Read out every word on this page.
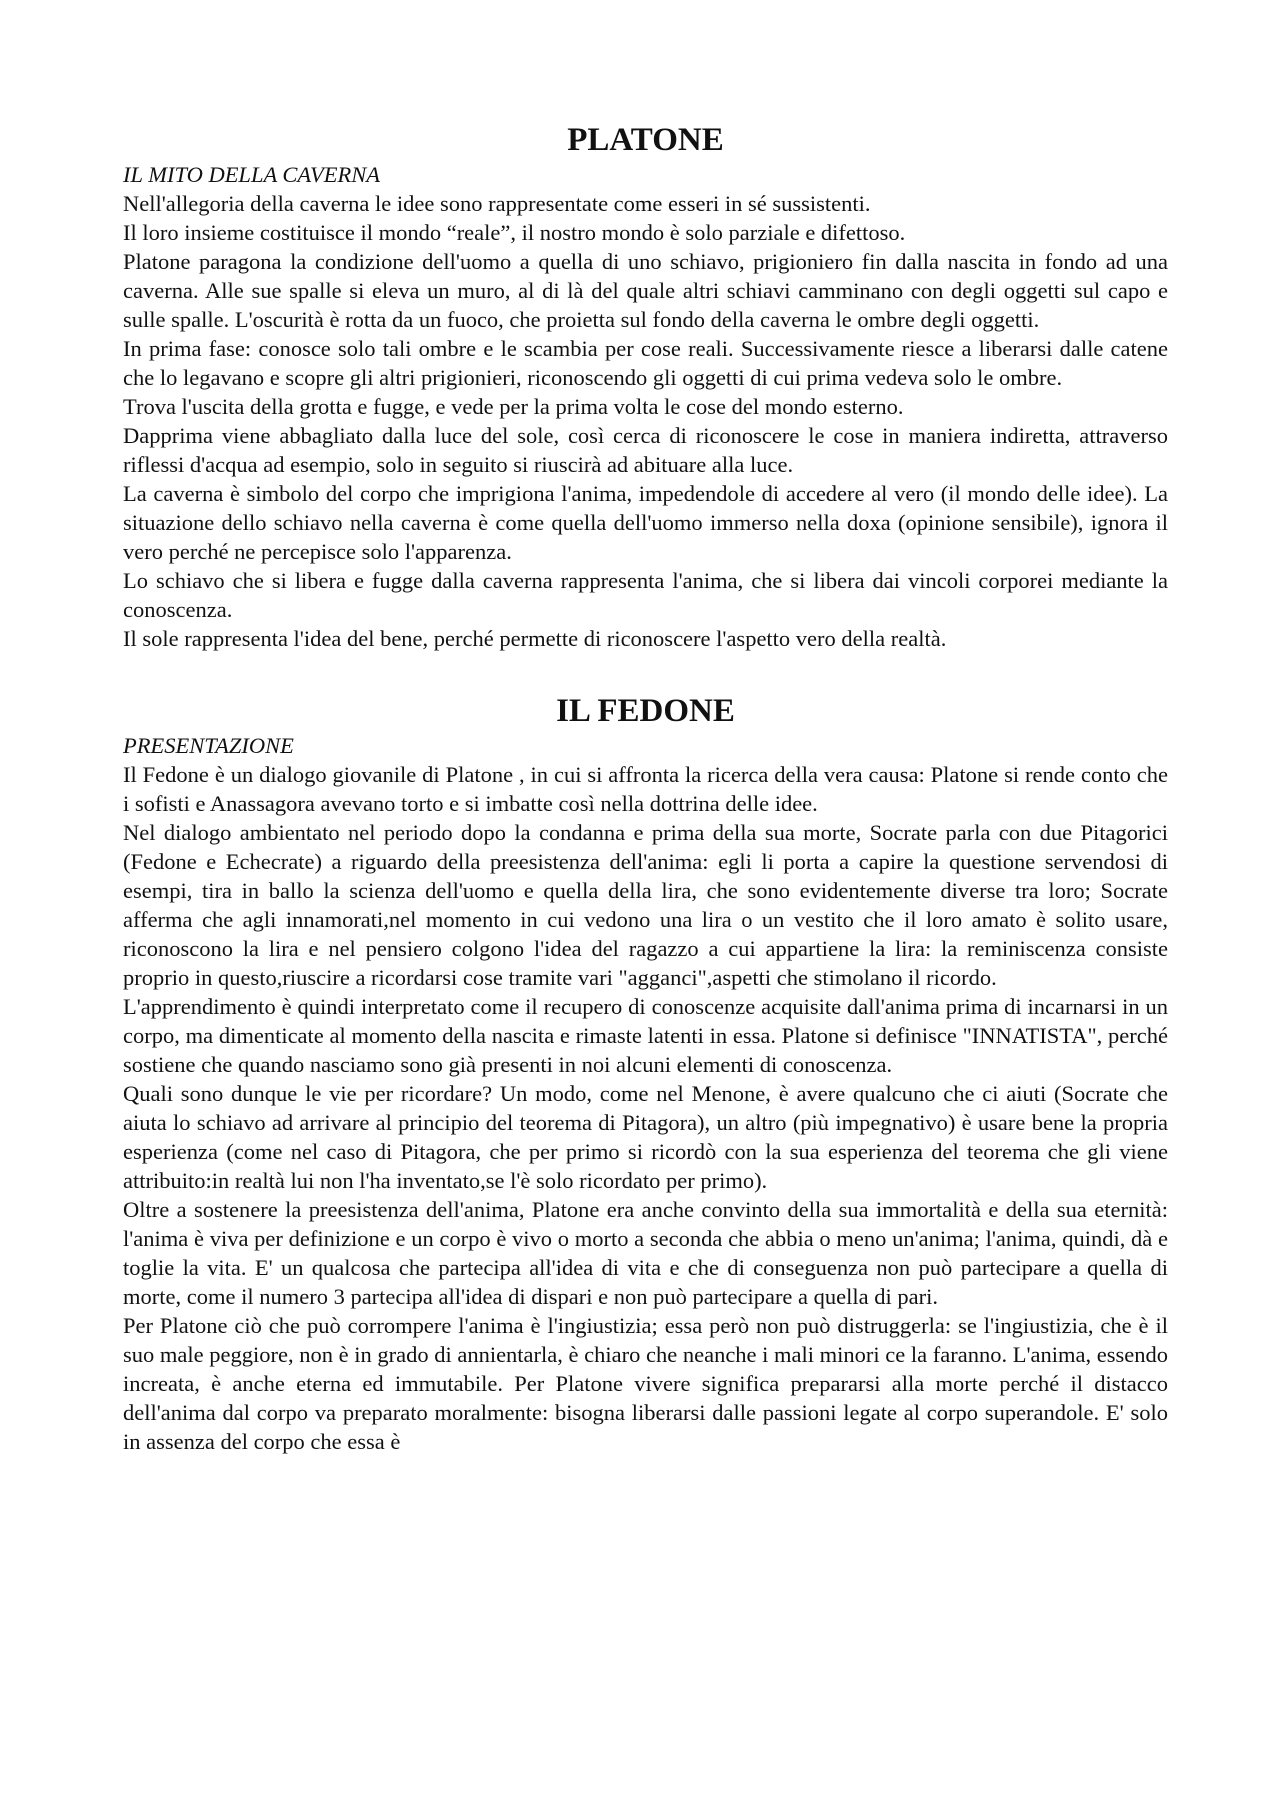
PLATONE
IL MITO DELLA CAVERNA

Nell'allegoria della caverna le idee sono rappresentate come esseri in sé sussistenti.

Il loro insieme costituisce il mondo “reale”, il nostro mondo è solo parziale e difettoso.

Platone paragona la condizione dell'uomo a quella di uno schiavo, prigioniero fin dalla nascita in fondo ad una caverna. Alle sue spalle si eleva un muro, al di là del quale altri schiavi camminano con degli oggetti sul capo e sulle spalle. L'oscurità è rotta da un fuoco, che proietta sul fondo della caverna le ombre degli oggetti.

In prima fase: conosce solo tali ombre e le scambia per cose reali. Successivamente riesce a liberarsi dalle catene che lo legavano e scopre gli altri prigionieri, riconoscendo gli oggetti di cui prima vedeva solo le ombre.

Trova l'uscita della grotta e fugge, e vede per la prima volta le cose del mondo esterno.

Dapprima viene abbagliato dalla luce del sole, così cerca di riconoscere le cose in maniera indiretta, attraverso riflessi d'acqua ad esempio, solo in seguito si riuscirà ad abituare alla luce.

La caverna è simbolo del corpo che imprigiona l'anima, impedendole di accedere al vero (il mondo delle idee). La situazione dello schiavo nella caverna è come quella dell'uomo immerso nella doxa (opinione sensibile), ignora il vero perché ne percepisce solo l'apparenza.

Lo schiavo che si libera e fugge dalla caverna rappresenta l'anima, che si libera dai vincoli corporei mediante la conoscenza.

Il sole rappresenta l'idea del bene, perché permette di riconoscere l'aspetto vero della realtà.

IL FEDONE
PRESENTAZIONE

Il Fedone è un dialogo giovanile di Platone , in cui si affronta la ricerca della vera causa: Platone si rende conto che i sofisti e Anassagora avevano torto e si imbatte così nella dottrina delle idee.

Nel dialogo ambientato nel periodo dopo la condanna e prima della sua morte, Socrate parla con due Pitagorici (Fedone e Echecrate) a riguardo della preesistenza dell'anima: egli li porta a capire la questione servendosi di esempi, tira in ballo la scienza dell'uomo e quella della lira, che sono evidentemente diverse tra loro; Socrate afferma che agli innamorati,nel momento in cui vedono una lira o un vestito che il loro amato è solito usare, riconoscono la lira e nel pensiero colgono l'idea del ragazzo a cui appartiene la lira: la reminiscenza consiste proprio in questo,riuscire a ricordarsi cose tramite vari "agganci",aspetti che stimolano il ricordo.

L'apprendimento è quindi interpretato come il recupero di conoscenze acquisite dall'anima prima di incarnarsi in un corpo, ma dimenticate al momento della nascita e rimaste latenti in essa. Platone si definisce "INNATISTA", perché sostiene che quando nasciamo sono già presenti in noi alcuni elementi di conoscenza.

Quali sono dunque le vie per ricordare? Un modo, come nel Menone, è avere qualcuno che ci aiuti (Socrate che aiuta lo schiavo ad arrivare al principio del teorema di Pitagora), un altro (più impegnativo) è usare bene la propria esperienza (come nel caso di Pitagora, che per primo si ricordò con la sua esperienza del teorema che gli viene attribuito:in realtà lui non l'ha inventato,se l'è solo ricordato per primo).

Oltre a sostenere la preesistenza dell'anima, Platone era anche convinto della sua immortalità e della sua eternità: l'anima è viva per definizione e un corpo è vivo o morto a seconda che abbia o meno un'anima; l'anima, quindi, dà e toglie la vita. E' un qualcosa che partecipa all'idea di vita e che di conseguenza non può partecipare a quella di morte, come il numero 3 partecipa all'idea di dispari e non può partecipare a quella di pari.

Per Platone ciò che può corrompere l'anima è l'ingiustizia; essa però non può distruggerla: se l'ingiustizia, che è il suo male peggiore, non è in grado di annientarla, è chiaro che neanche i mali minori ce la faranno. L'anima, essendo increata, è anche eterna ed immutabile. Per Platone vivere significa prepararsi alla morte perché il distacco dell'anima dal corpo va preparato moralmente: bisogna liberarsi dalle passioni legate al corpo superandole. E' solo in assenza del corpo che essa è
